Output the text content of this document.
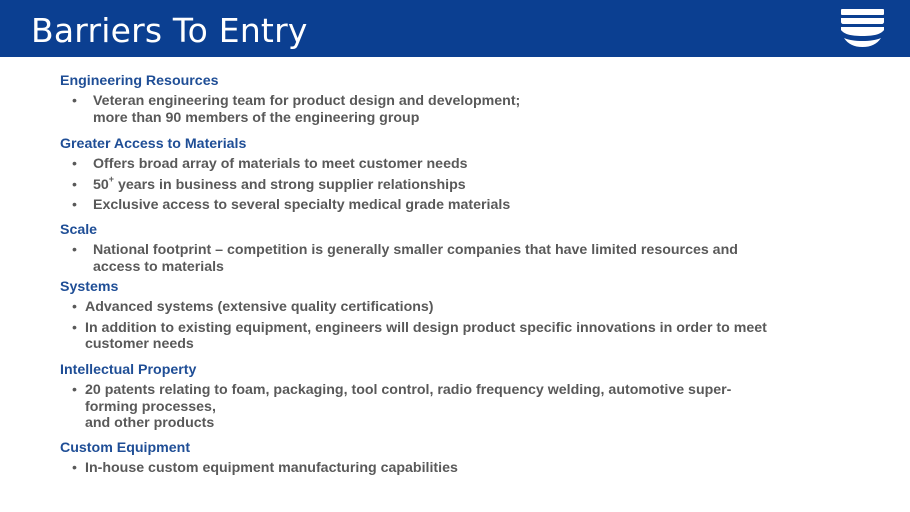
Barriers To Entry
Engineering Resources
• Veteran engineering team for product design and development;
more than 90 members of the engineering group
Greater Access to Materials
• Offers broad array of materials to meet customer needs
• 50+ years in business and strong supplier relationships
• Exclusive access to several specialty medical grade materials
Scale
• National footprint – competition is generally smaller companies that have limited resources and
access to materials
Systems
• Advanced systems (extensive quality certifications)
• In addition to existing equipment, engineers will design product specific innovations in order to meet
customer needs
Intellectual Property
• 20 patents relating to foam, packaging, tool control, radio frequency welding, automotive super-
forming processes,
and other products
Custom Equipment
• In-house custom equipment manufacturing capabilities
